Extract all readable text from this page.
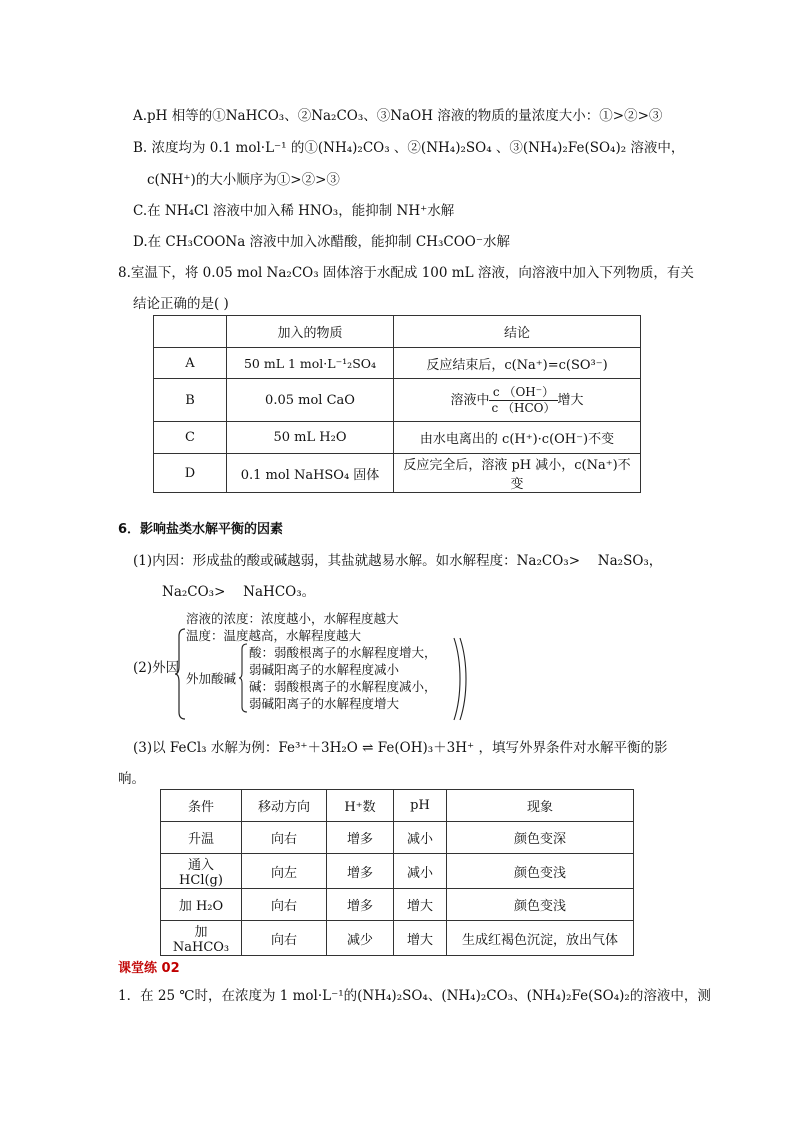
A.pH 相等的①NaHCO₃、②Na₂CO₃、③NaOH 溶液的物质的量浓度大小：①>②>③
B. 浓度均为 0.1 mol·L⁻¹ 的①(NH₄)₂CO₃ 、②(NH₄)₂SO₄ 、③(NH₄)₂Fe(SO₄)₂ 溶液中，
c(NH⁺)的大小顺序为①>②>③
C.在 NH₄Cl 溶液中加入稀 HNO₃，能抑制 NH⁺水解
D.在 CH₃COONa 溶液中加入冰醋酸，能抑制 CH₃COO⁻水解
8.室温下，将 0.05 mol Na₂CO₃ 固体溶于水配成 100 mL 溶液，向溶液中加入下列物质，有关
结论正确的是( )
	加入的物质	结论
A	50 mL 1 mol·L⁻¹₂SO₄	反应结束后，c(Na⁺)=c(SO³⁻)
B	0.05 mol CaO	溶液中 $\frac{c (OH^-)}{\text{c （HCO）}}$ 增大
C	50 mL H₂O	由水电离出的 c(H⁺)·c(OH⁻)不变
D	0.1 mol NaHSO₄ 固体	反应完全后，溶液 pH 减小，c(Na⁺)不变
6．影响盐类水解平衡的因素
(1)内因：形成盐的酸或碱越弱，其盐就越易水解。如水解程度：Na₂CO₃>　 Na₂SO₃，
Na₂CO₃>　 NaHCO₃。
(2)外因
溶液的浓度：浓度越小，水解程度越大
温度：温度越高，水解程度越大
外加酸碱
酸：弱酸根离子的水解程度增大，
弱碱阳离子的水解程度减小
碱：弱酸根离子的水解程度减小，
弱碱阳离子的水解程度增大
(3)以 FeCl₃ 水解为例：Fe³⁺＋3H₂O ⇌ Fe(OH)₃＋3H⁺ ，填写外界条件对水解平衡的影
响。
条件	移动方向	H⁺数	pH	现象
升温	向右	增多	减小	颜色变深
通入 HCl(g)	向左	增多	减小	颜色变浅
加 H₂O	向右	增多	增大	颜色变浅
加 NaHCO₃	向右	减少	增大	生成红褐色沉淀，放出气体
课堂练 02
1．在 25 ℃时，在浓度为 1 mol·L⁻¹的(NH₄)₂SO₄、(NH₄)₂CO₃、(NH₄)₂Fe(SO₄)₂的溶液中，测
